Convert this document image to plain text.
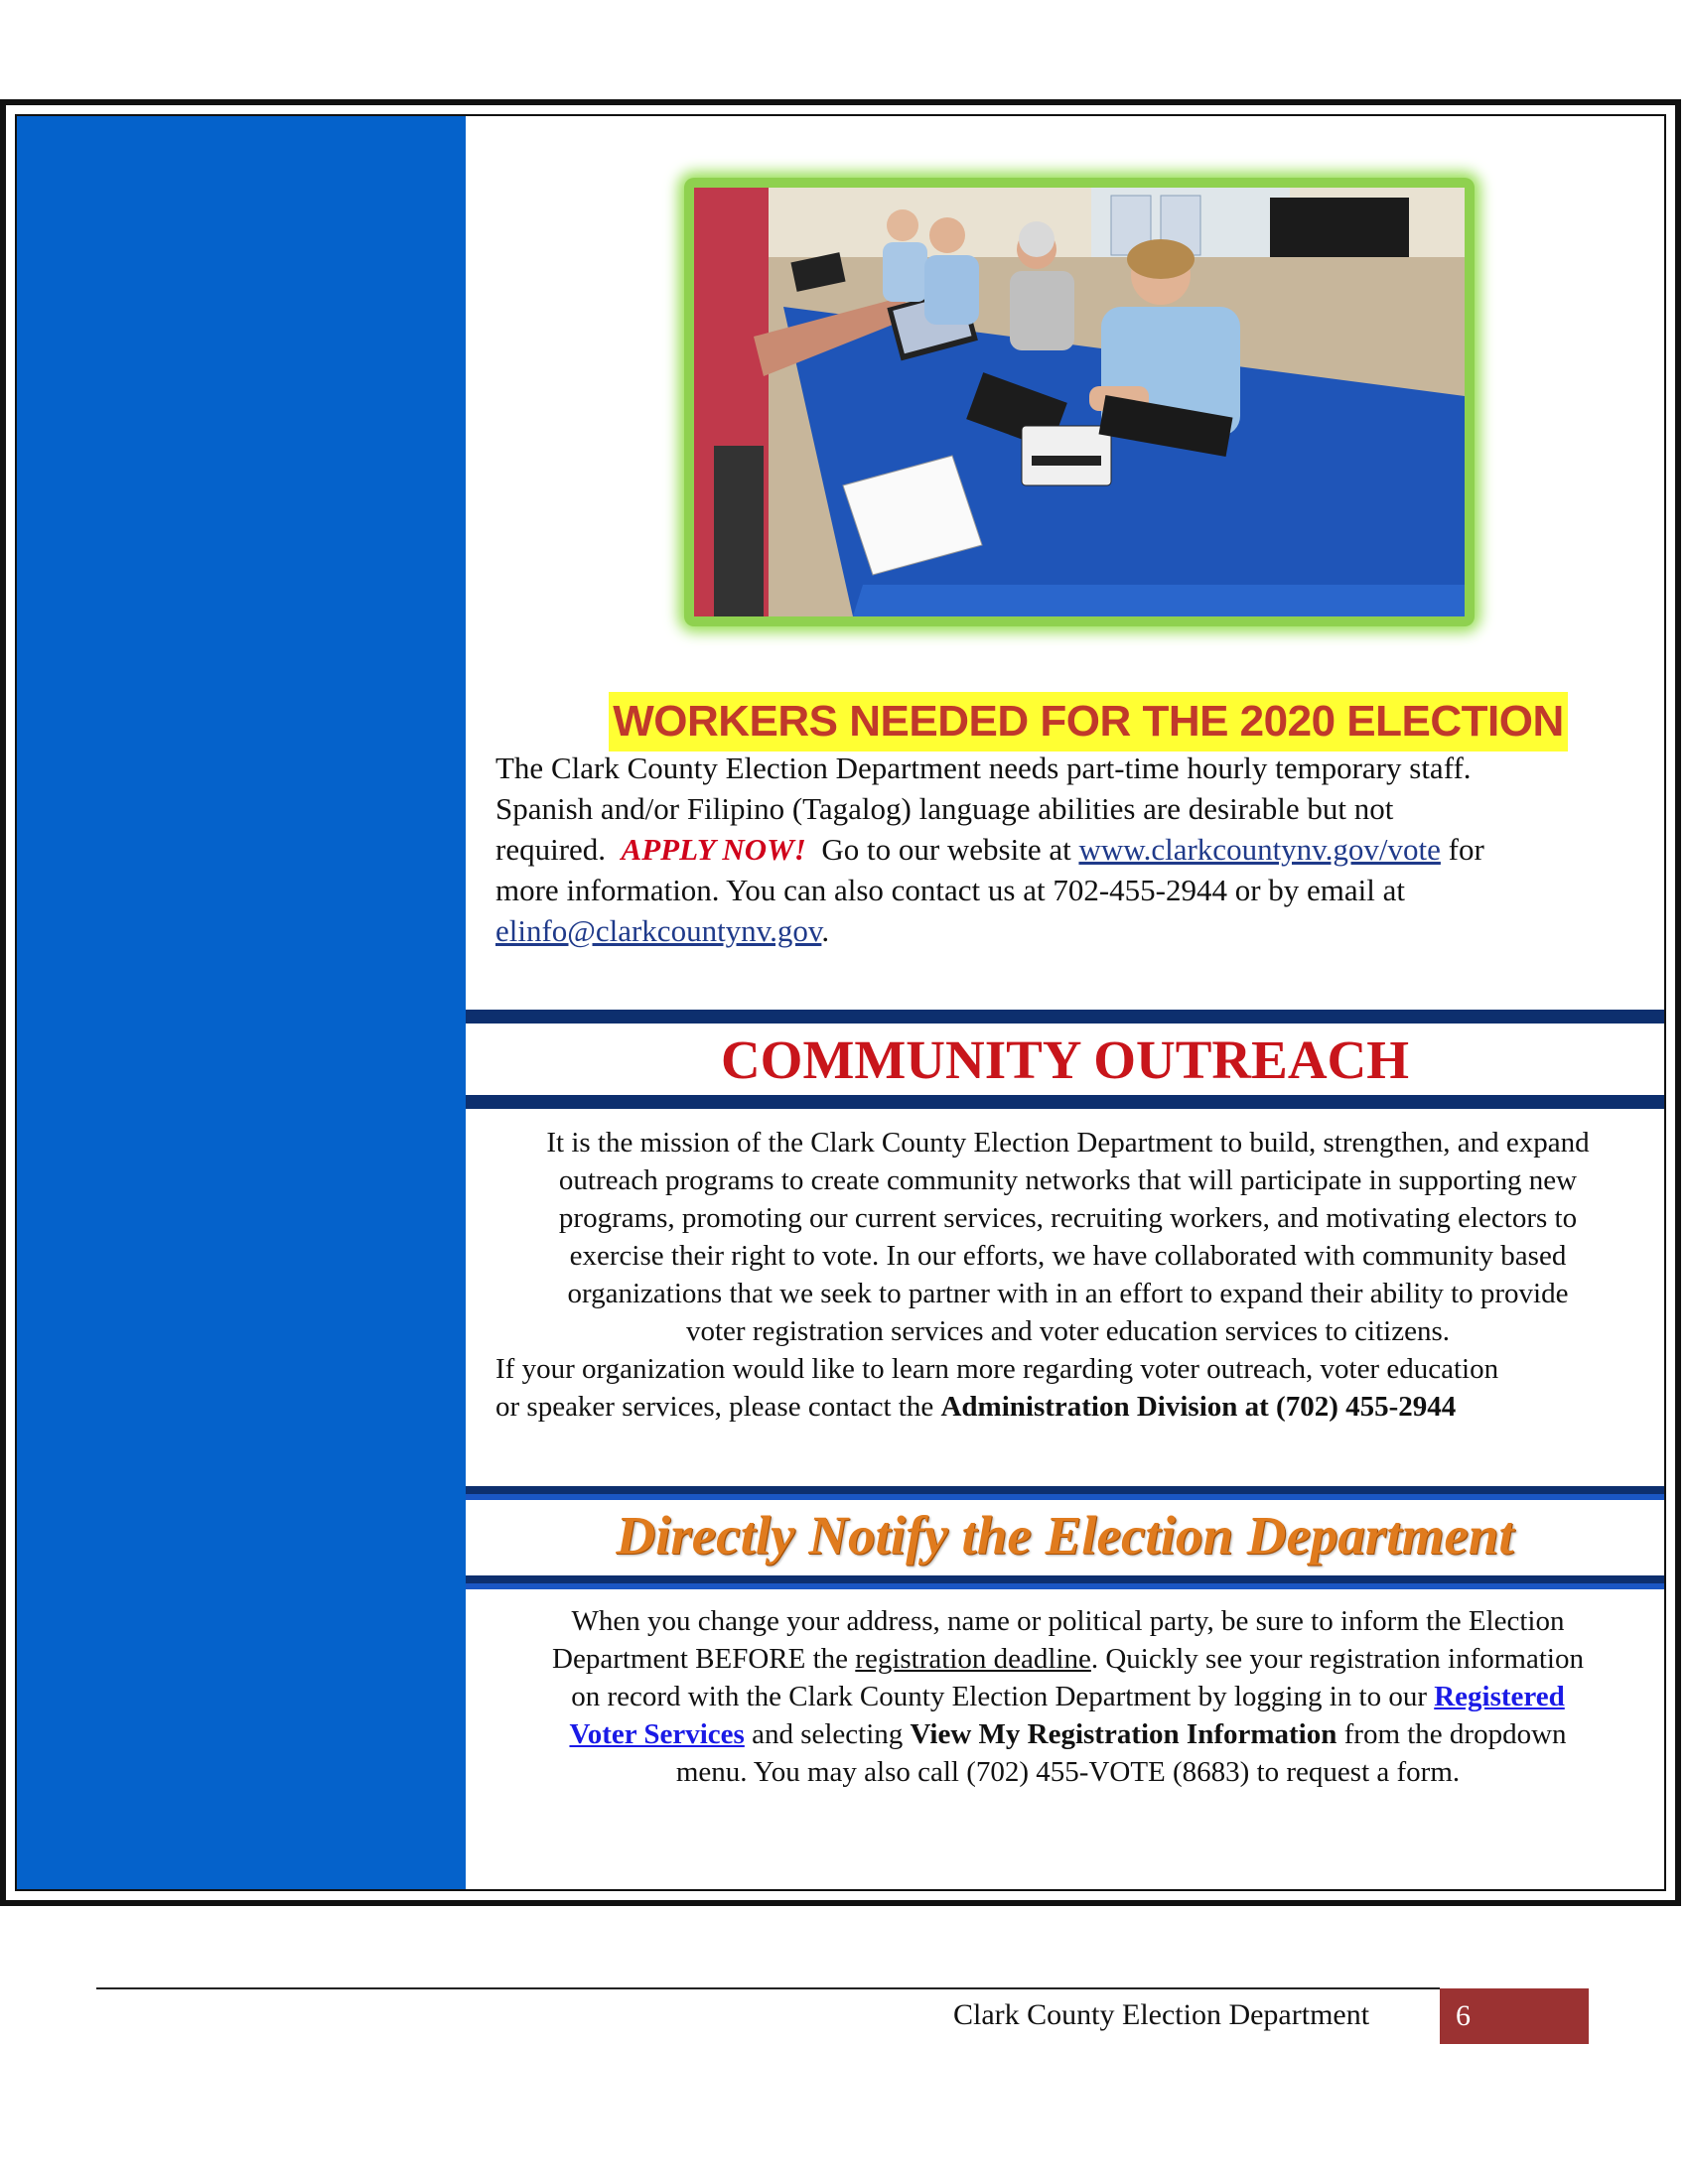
WORKERS NEEDED FOR THE 2020 ELECTION
The Clark County Election Department needs part-time hourly temporary staff.
Spanish and/or Filipino (Tagalog) language abilities are desirable but not
required. APPLY NOW! Go to our website at www.clarkcountynv.gov/vote for
more information. You can also contact us at 702-455-2944 or by email at
elinfo@clarkcountynv.gov.
COMMUNITY OUTREACH
It is the mission of the Clark County Election Department to build, strengthen, and expand
outreach programs to create community networks that will participate in supporting new
programs, promoting our current services, recruiting workers, and motivating electors to
exercise their right to vote. In our efforts, we have collaborated with community based
organizations that we seek to partner with in an effort to expand their ability to provide
voter registration services and voter education services to citizens.
If your organization would like to learn more regarding voter outreach, voter education
or speaker services, please contact the Administration Division at (702) 455-2944
Directly Notify the Election Department
When you change your address, name or political party, be sure to inform the Election
Department BEFORE the registration deadline. Quickly see your registration information
on record with the Clark County Election Department by logging in to our Registered
Voter Services and selecting View My Registration Information from the dropdown
menu. You may also call (702) 455-VOTE (8683) to request a form.
Clark County Election Department	6
